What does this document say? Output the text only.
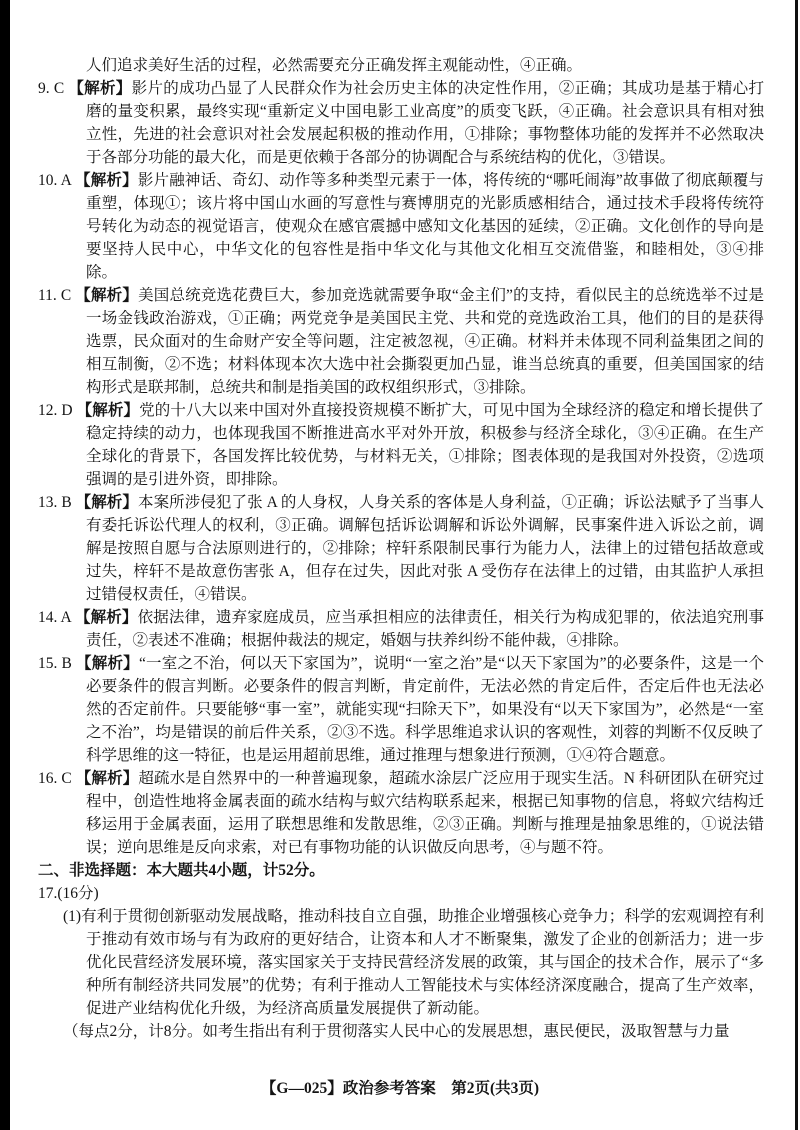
人们追求美好生活的过程，必然需要充分正确发挥主观能动性，④正确。

9. C 【解析】影片的成功凸显了人民群众作为社会历史主体的决定性作用，②正确；其成功是基于精心打磨的量变积累，最终实现“重新定义中国电影工业高度”的质变飞跃，④正确。社会意识具有相对独立性，先进的社会意识对社会发展起积极的推动作用，①排除；事物整体功能的发挥并不必然取决于各部分功能的最大化，而是更依赖于各部分的协调配合与系统结构的优化，③错误。

10. A 【解析】影片融神话、奇幻、动作等多种类型元素于一体，将传统的“哪吒闹海”故事做了彻底颠覆与重塑，体现①；该片将中国山水画的写意性与赛博朋克的光影质感相结合，通过技术手段将传统符号转化为动态的视觉语言，使观众在感官震撼中感知文化基因的延续，②正确。文化创作的导向是要坚持人民中心，中华文化的包容性是指中华文化与其他文化相互交流借鉴，和睦相处，③④排除。

11. C 【解析】美国总统竞选花费巨大，参加竞选就需要争取“金主们”的支持，看似民主的总统选举不过是一场金钱政治游戏，①正确；两党竞争是美国民主党、共和党的竞选政治工具，他们的目的是获得选票，民众面对的生命财产安全等问题，注定被忽视，④正确。材料并未体现不同利益集团之间的相互制衡，②不选；材料体现本次大选中社会撕裂更加凸显，谁当总统真的重要，但美国国家的结构形式是联邦制，总统共和制是指美国的政权组织形式，③排除。

12. D 【解析】党的十八大以来中国对外直接投资规模不断扩大，可见中国为全球经济的稳定和增长提供了稳定持续的动力，也体现我国不断推进高水平对外开放，积极参与经济全球化，③④正确。在生产全球化的背景下，各国发挥比较优势，与材料无关，①排除；图表体现的是我国对外投资，②选项强调的是引进外资，即排除。

13. B 【解析】本案所涉侵犯了张 A 的人身权，人身关系的客体是人身利益，①正确；诉讼法赋予了当事人有委托诉讼代理人的权利，③正确。调解包括诉讼调解和诉讼外调解，民事案件进入诉讼之前，调解是按照自愿与合法原则进行的，②排除；梓轩系限制民事行为能力人，法律上的过错包括故意或过失，梓轩不是故意伤害张 A，但存在过失，因此对张 A 受伤存在法律上的过错，由其监护人承担过错侵权责任，④错误。

14. A 【解析】依据法律，遗弃家庭成员，应当承担相应的法律责任，相关行为构成犯罪的，依法追究刑事责任，②表述不准确；根据仲裁法的规定，婚姻与扶养纠纷不能仲裁，④排除。

15. B 【解析】“一室之不治，何以天下家国为”，说明“一室之治”是“以天下家国为”的必要条件，这是一个必要条件的假言判断。必要条件的假言判断，肯定前件，无法必然的肯定后件，否定后件也无法必然的否定前件。只要能够“事一室”，就能实现“扫除天下”，如果没有“以天下家国为”，必然是“一室之不治”，均是错误的前后件关系，②③不选。科学思维追求认识的客观性，刘蓉的判断不仅反映了科学思维的这一特征，也是运用超前思维，通过推理与想象进行预测，①④符合题意。

16. C 【解析】超疏水是自然界中的一种普遍现象，超疏水涂层广泛应用于现实生活。N 科研团队在研究过程中，创造性地将金属表面的疏水结构与蚁穴结构联系起来，根据已知事物的信息，将蚁穴结构迁移运用于金属表面，运用了联想思维和发散思维，②③正确。判断与推理是抽象思维的，①说法错误；逆向思维是反向求索，对已有事物功能的认识做反向思考，④与题不符。

二、非选择题：本大题共4小题，计52分。

17.(16分)

(1)有利于贯彻创新驱动发展战略，推动科技自立自强，助推企业增强核心竞争力；科学的宏观调控有利于推动有效市场与有为政府的更好结合，让资本和人才不断聚集，激发了企业的创新活力；进一步优化民营经济发展环境，落实国家关于支持民营经济发展的政策，其与国企的技术合作，展示了“多种所有制经济共同发展”的优势；有利于推动人工智能技术与实体经济深度融合，提高了生产效率，促进产业结构优化升级，为经济高质量发展提供了新动能。

（每点2分，计8分。如考生指出有利于贯彻落实人民中心的发展思想，惠民便民，汲取智慧与力量

【G—025】政治参考答案　第2页(共3页)
